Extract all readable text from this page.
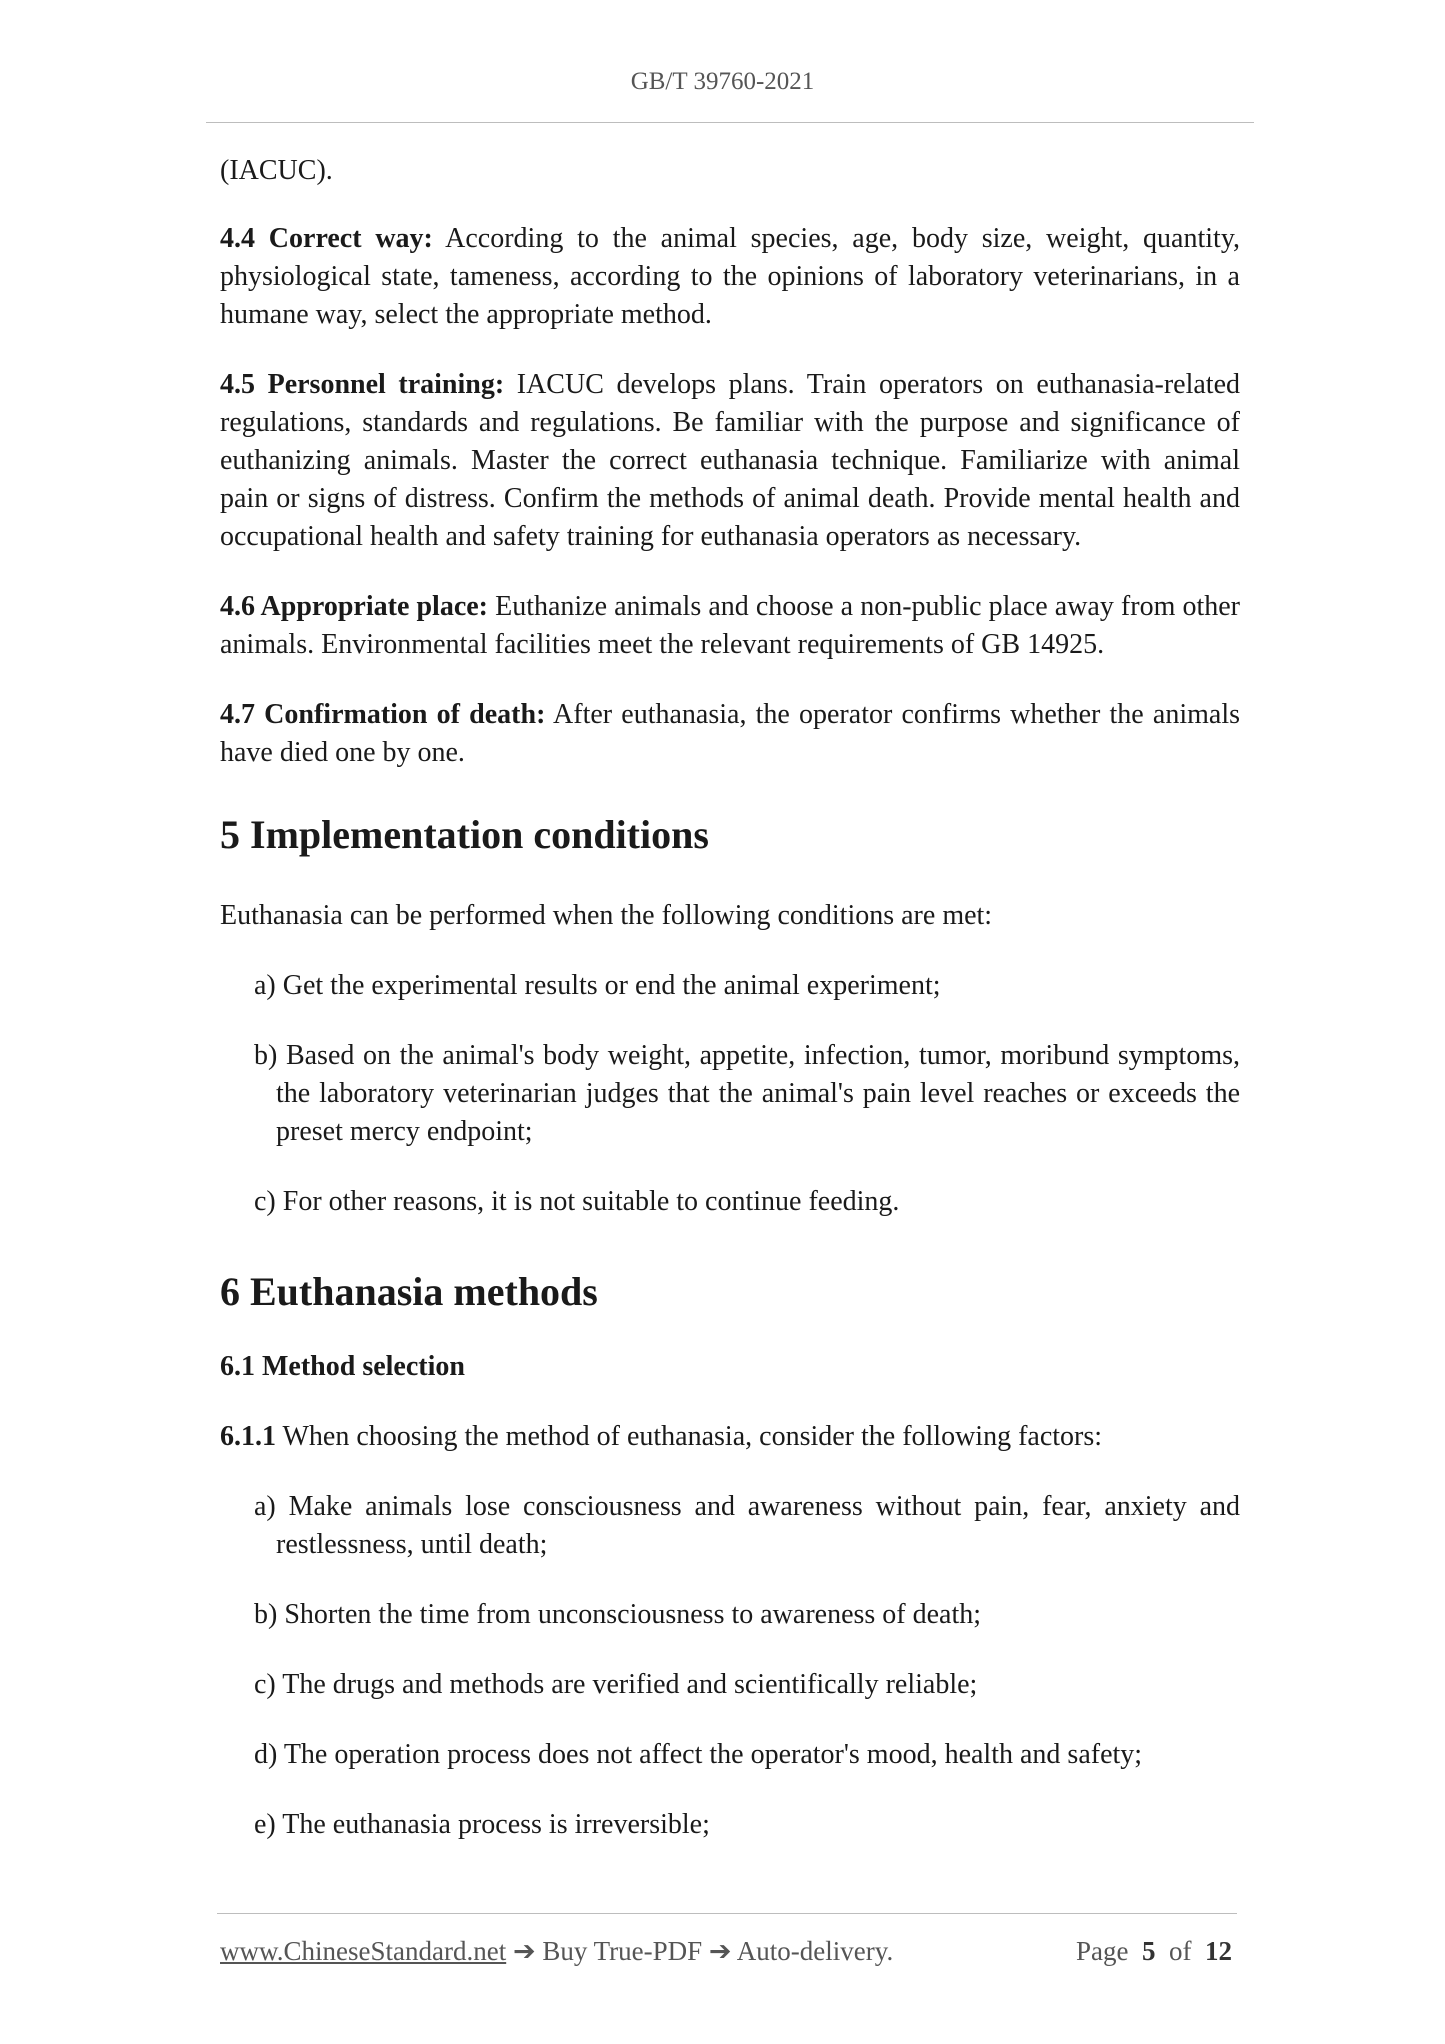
GB/T 39760-2021

(IACUC).

4.4 Correct way: According to the animal species, age, body size, weight, quantity, physiological state, tameness, according to the opinions of laboratory veterinarians, in a humane way, select the appropriate method.

4.5 Personnel training: IACUC develops plans. Train operators on euthanasia-related regulations, standards and regulations. Be familiar with the purpose and significance of euthanizing animals. Master the correct euthanasia technique. Familiarize with animal pain or signs of distress. Confirm the methods of animal death. Provide mental health and occupational health and safety training for euthanasia operators as necessary.

4.6 Appropriate place: Euthanize animals and choose a non-public place away from other animals. Environmental facilities meet the relevant requirements of GB 14925.

4.7 Confirmation of death: After euthanasia, the operator confirms whether the animals have died one by one.

5 Implementation conditions

Euthanasia can be performed when the following conditions are met:

a) Get the experimental results or end the animal experiment;

b) Based on the animal's body weight, appetite, infection, tumor, moribund symptoms, the laboratory veterinarian judges that the animal's pain level reaches or exceeds the preset mercy endpoint;

c) For other reasons, it is not suitable to continue feeding.

6 Euthanasia methods

6.1 Method selection

6.1.1 When choosing the method of euthanasia, consider the following factors:

a) Make animals lose consciousness and awareness without pain, fear, anxiety and restlessness, until death;

b) Shorten the time from unconsciousness to awareness of death;

c) The drugs and methods are verified and scientifically reliable;

d) The operation process does not affect the operator's mood, health and safety;

e) The euthanasia process is irreversible;

www.ChineseStandard.net ➔ Buy True-PDF ➔ Auto-delivery.	Page 5 of 12
